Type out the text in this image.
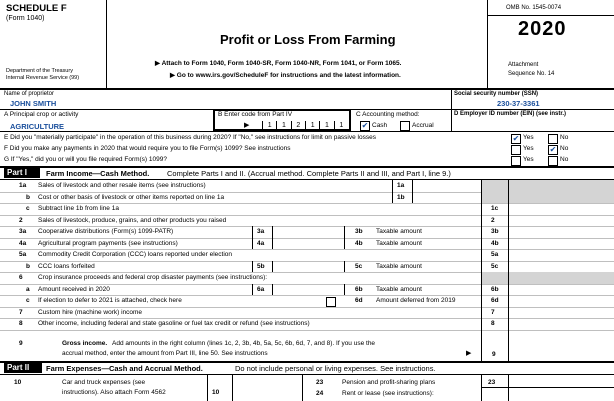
SCHEDULE F
(Form 1040)
Department of the Treasury
Internal Revenue Service (99)
Profit or Loss From Farming
▶ Attach to Form 1040, Form 1040-SR, Form 1040-NR, Form 1041, or Form 1065.
▶ Go to www.irs.gov/ScheduleF for instructions and the latest information.
OMB No. 1545-0074
2020
Attachment
Sequence No. 14
Name of proprietor
JOHN SMITH
Social security number (SSN)
230-37-3361
A Principal crop or activity
AGRICULTURE
B Enter code from Part IV
▶	1	1	2	1	1	1
C Accounting method:
✔ Cash	Accrual
D Employer ID number (EIN) (see instr.)
E Did you "materially participate" in the operation of this business during 2020? If "No," see instructions for limit on passive losses	✔ Yes	No
F Did you make any payments in 2020 that would require you to file Form(s) 1099? See instructions	Yes ✔ No
G If "Yes," did you or will you file required Form(s) 1099?	Yes	No
Part I	Farm Income—Cash Method. Complete Parts I and II. (Accrual method. Complete Parts II and III, and Part I, line 9.)
1a Sales of livestock and other resale items (see instructions)	1a
b Cost or other basis of livestock or other items reported on line 1a	1b
c Subtract line 1b from line 1a	1c
2 Sales of livestock, produce, grains, and other products you raised	2
3a Cooperative distributions (Form(s) 1099-PATR)	3a	3b Taxable amount	3b
4a Agricultural program payments (see instructions)	4a	4b Taxable amount	4b
5a Commodity Credit Corporation (CCC) loans reported under election	5a
b CCC loans forfeited	5b	5c Taxable amount	5c
6 Crop insurance proceeds and federal crop disaster payments (see instructions):
a Amount received in 2020	6a	6b Taxable amount	6b
c If election to defer to 2021 is attached, check here	6d Amount deferred from 2019	6d
7 Custom hire (machine work) income	7
8 Other income, including federal and state gasoline or fuel tax credit or refund (see instructions)	8
9	Gross income. Add amounts in the right column (lines 1c, 2, 3b, 4b, 5a, 5c, 6b, 6d, 7, and 8). If you use the
accrual method, enter the amount from Part III, line 50. See instructions	▶	9
Part II	Farm Expenses—Cash and Accrual Method.	Do not include personal or living expenses. See instructions.
10	Car and truck expenses (see
instructions). Also attach Form 4562	10
23	Pension and profit-sharing plans	23
24	Rent or lease (see instructions):
